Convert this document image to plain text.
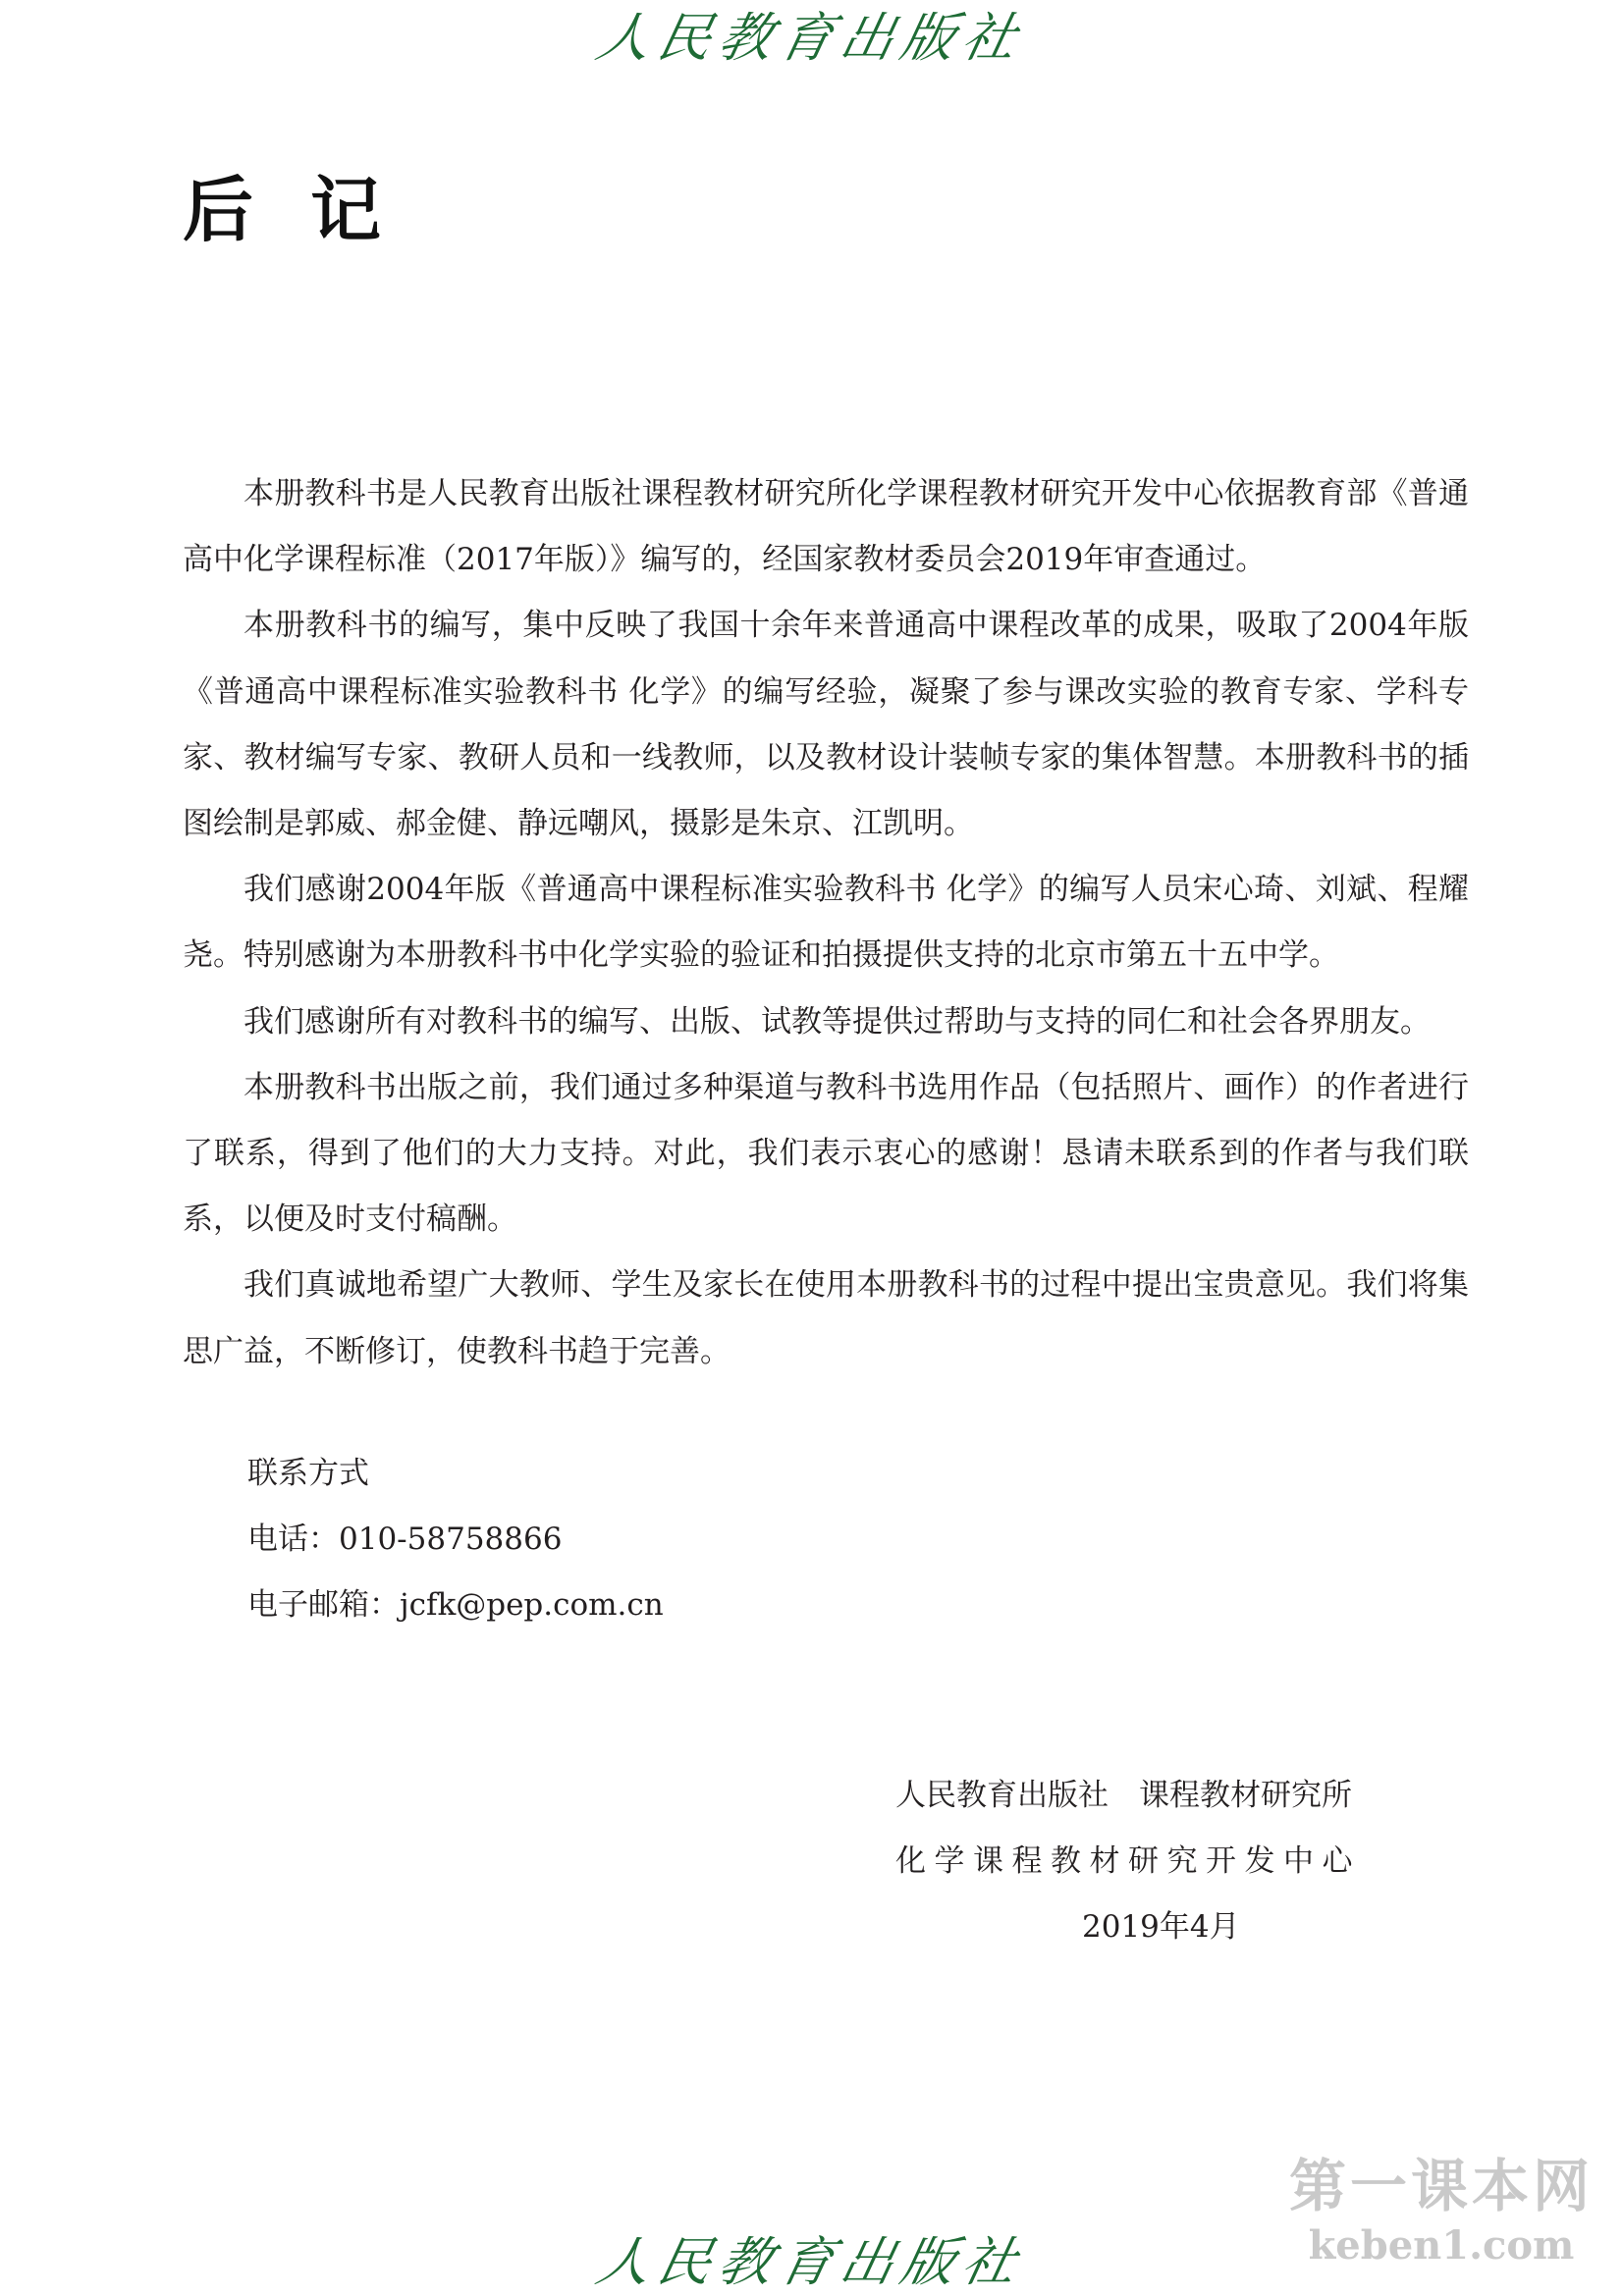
人民教育出版社
后记

本册教科书是人民教育出版社课程教材研究所化学课程教材研究开发中心依据教育部《普通高中化学课程标准（2017年版）》编写的，经国家教材委员会2019年审查通过。

本册教科书的编写，集中反映了我国十余年来普通高中课程改革的成果，吸取了2004年版《普通高中课程标准实验教科书 化学》的编写经验，凝聚了参与课改实验的教育专家、学科专家、教材编写专家、教研人员和一线教师，以及教材设计装帧专家的集体智慧。本册教科书的插图绘制是郭威、郝金健、静远嘲风，摄影是朱京、江凯明。

我们感谢2004年版《普通高中课程标准实验教科书 化学》的编写人员宋心琦、刘斌、程耀尧。特别感谢为本册教科书中化学实验的验证和拍摄提供支持的北京市第五十五中学。

我们感谢所有对教科书的编写、出版、试教等提供过帮助与支持的同仁和社会各界朋友。

本册教科书出版之前，我们通过多种渠道与教科书选用作品（包括照片、画作）的作者进行了联系，得到了他们的大力支持。对此，我们表示衷心的感谢！恳请未联系到的作者与我们联系，以便及时支付稿酬。

我们真诚地希望广大教师、学生及家长在使用本册教科书的过程中提出宝贵意见。我们将集思广益，不断修订，使教科书趋于完善。

联系方式
电话：010-58758866
电子邮箱：jcfk@pep.com.cn
人民教育出版社　课程教材研究所
化学课程教材研究开发中心
2019年4月
人民教育出版社
第一课本网
keben1.com
